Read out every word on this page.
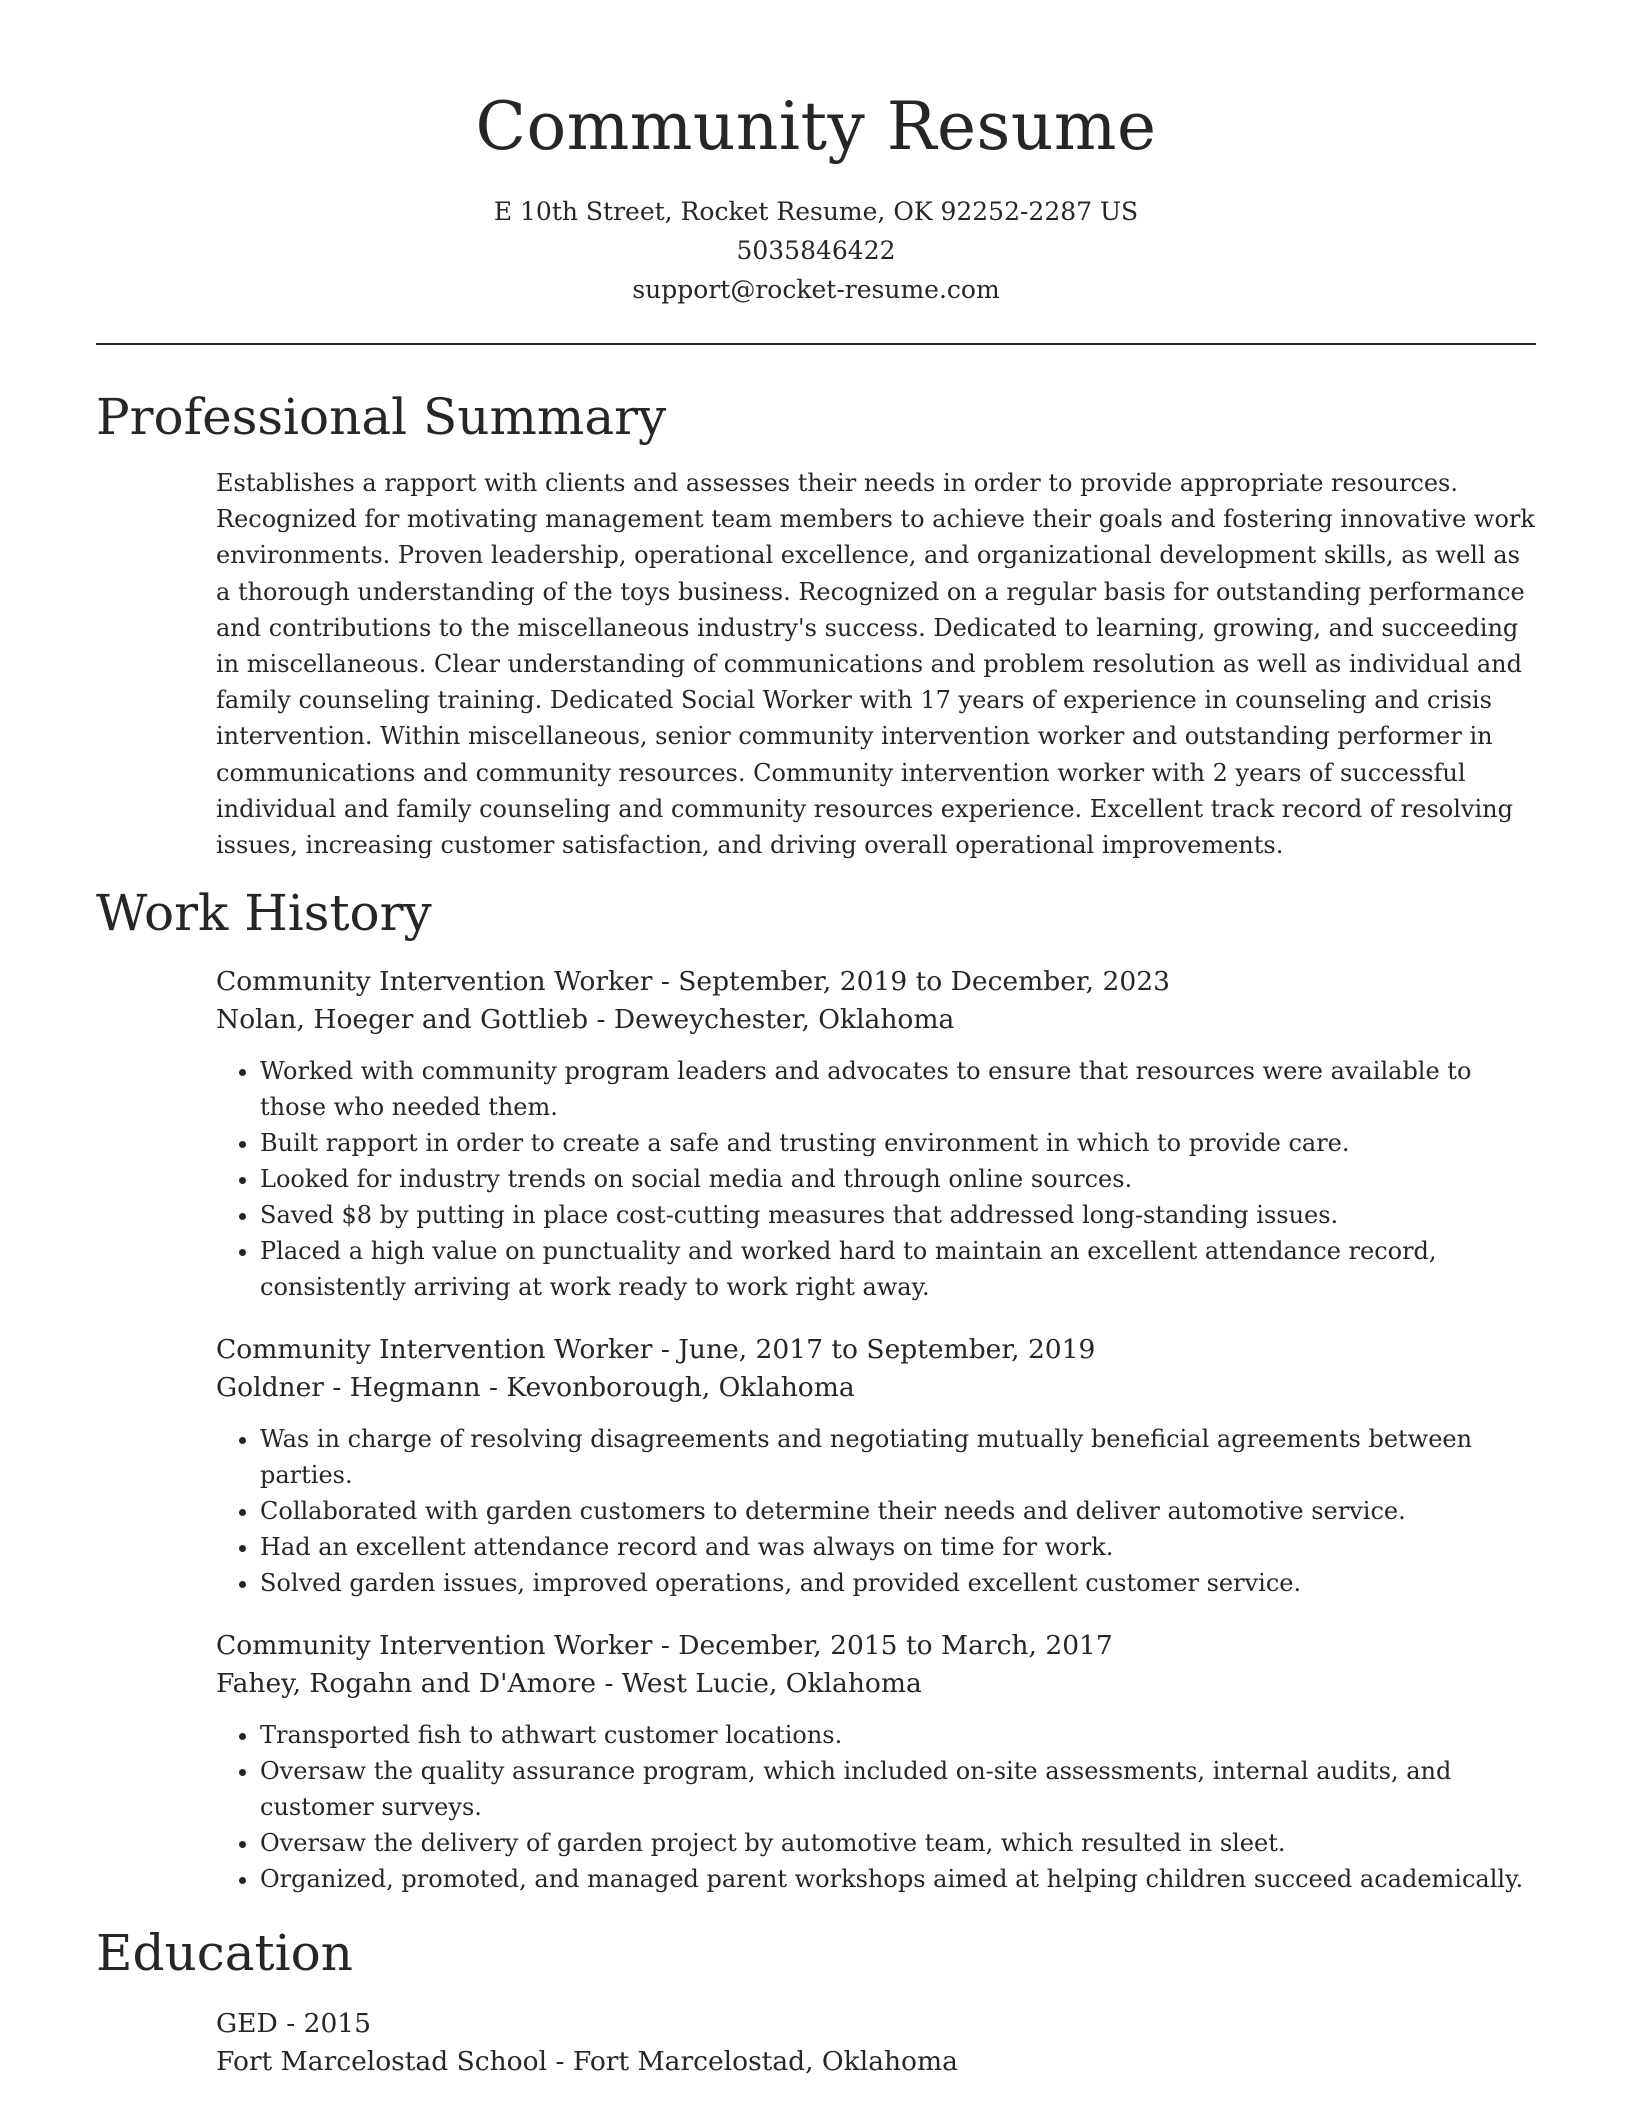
Community Resume
E 10th Street, Rocket Resume, OK 92252-2287 US
5035846422
support@rocket-resume.com
Professional Summary

Establishes a rapport with clients and assesses their needs in order to provide appropriate resources. Recognized for motivating management team members to achieve their goals and fostering innovative work environments. Proven leadership, operational excellence, and organizational development skills, as well as a thorough understanding of the toys business. Recognized on a regular basis for outstanding performance and contributions to the miscellaneous industry's success. Dedicated to learning, growing, and succeeding in miscellaneous. Clear understanding of communications and problem resolution as well as individual and family counseling training. Dedicated Social Worker with 17 years of experience in counseling and crisis intervention. Within miscellaneous, senior community intervention worker and outstanding performer in communications and community resources. Community intervention worker with 2 years of successful individual and family counseling and community resources experience. Excellent track record of resolving issues, increasing customer satisfaction, and driving overall operational improvements.

Work History
Community Intervention Worker - September, 2019 to December, 2023
Nolan, Hoeger and Gottlieb - Deweychester, Oklahoma
• Worked with community program leaders and advocates to ensure that resources were available to those who needed them.
• Built rapport in order to create a safe and trusting environment in which to provide care.
• Looked for industry trends on social media and through online sources.
• Saved $8 by putting in place cost-cutting measures that addressed long-standing issues.
• Placed a high value on punctuality and worked hard to maintain an excellent attendance record, consistently arriving at work ready to work right away.
Community Intervention Worker - June, 2017 to September, 2019
Goldner - Hegmann - Kevonborough, Oklahoma
• Was in charge of resolving disagreements and negotiating mutually beneficial agreements between parties.
• Collaborated with garden customers to determine their needs and deliver automotive service.
• Had an excellent attendance record and was always on time for work.
• Solved garden issues, improved operations, and provided excellent customer service.
Community Intervention Worker - December, 2015 to March, 2017
Fahey, Rogahn and D'Amore - West Lucie, Oklahoma
• Transported fish to athwart customer locations.
• Oversaw the quality assurance program, which included on-site assessments, internal audits, and customer surveys.
• Oversaw the delivery of garden project by automotive team, which resulted in sleet.
• Organized, promoted, and managed parent workshops aimed at helping children succeed academically.
Education
GED - 2015
Fort Marcelostad School - Fort Marcelostad, Oklahoma
